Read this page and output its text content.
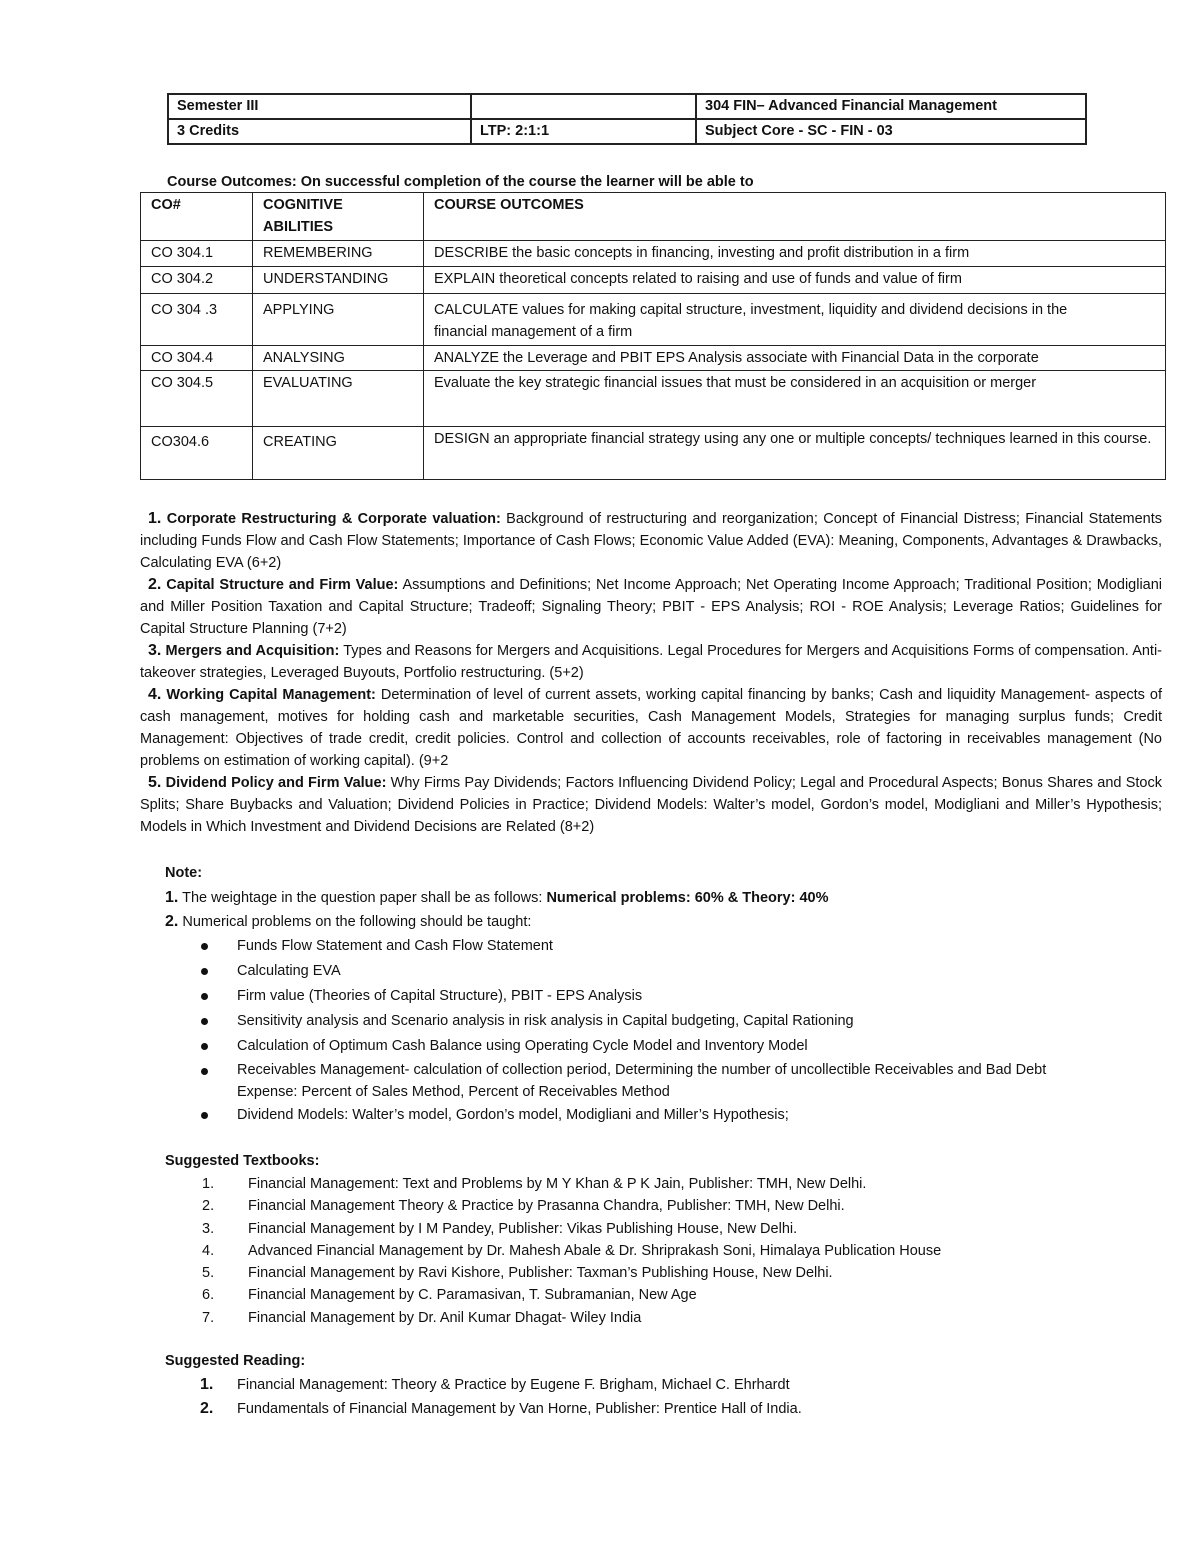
Semester III		304 FIN– Advanced Financial Management
3 Credits	LTP: 2:1:1	Subject Core - SC - FIN - 03
Course Outcomes: On successful completion of the course the learner will be able to
CO#	COGNITIVE ABILITIES	COURSE OUTCOMES
CO 304.1	REMEMBERING	DESCRIBE the basic concepts in financing, investing and profit distribution in a firm
CO 304.2	UNDERSTANDING	EXPLAIN theoretical concepts related to raising and use of funds and value of firm
CO 304 .3	APPLYING	CALCULATE values for making capital structure, investment, liquidity and dividend decisions in the financial management of a firm
CO 304.4	ANALYSING	ANALYZE the Leverage and PBIT EPS Analysis associate with Financial Data in the corporate
CO 304.5	EVALUATING	Evaluate the key strategic financial issues that must be considered in an acquisition or merger
CO304.6	CREATING	DESIGN an appropriate financial strategy using any one or multiple concepts/ techniques learned in this course.

1. Corporate Restructuring & Corporate valuation: Background of restructuring and reorganization; Concept of Financial Distress; Financial Statements including Funds Flow and Cash Flow Statements; Importance of Cash Flows; Economic Value Added (EVA): Meaning, Components, Advantages & Drawbacks, Calculating EVA (6+2)

2. Capital Structure and Firm Value: Assumptions and Definitions; Net Income Approach; Net Operating Income Approach; Traditional Position; Modigliani and Miller Position Taxation and Capital Structure; Tradeoff; Signaling Theory; PBIT - EPS Analysis; ROI - ROE Analysis; Leverage Ratios; Guidelines for Capital Structure Planning (7+2)

3. Mergers and Acquisition: Types and Reasons for Mergers and Acquisitions. Legal Procedures for Mergers and Acquisitions Forms of compensation. Anti-takeover strategies, Leveraged Buyouts, Portfolio restructuring. (5+2)

4. Working Capital Management: Determination of level of current assets, working capital financing by banks; Cash and liquidity Management- aspects of cash management, motives for holding cash and marketable securities, Cash Management Models, Strategies for managing surplus funds; Credit Management: Objectives of trade credit, credit policies. Control and collection of accounts receivables, role of factoring in receivables management (No problems on estimation of working capital). (9+2

5. Dividend Policy and Firm Value: Why Firms Pay Dividends; Factors Influencing Dividend Policy; Legal and Procedural Aspects; Bonus Shares and Stock Splits; Share Buybacks and Valuation; Dividend Policies in Practice; Dividend Models: Walter’s model, Gordon’s model, Modigliani and Miller’s Hypothesis; Models in Which Investment and Dividend Decisions are Related (8+2)

Note:
1. The weightage in the question paper shall be as follows: Numerical problems: 60% & Theory: 40%
2. Numerical problems on the following should be taught:
Funds Flow Statement and Cash Flow Statement
Calculating EVA
Firm value (Theories of Capital Structure), PBIT - EPS Analysis
Sensitivity analysis and Scenario analysis in risk analysis in Capital budgeting, Capital Rationing
Calculation of Optimum Cash Balance using Operating Cycle Model and Inventory Model
Receivables Management- calculation of collection period, Determining the number of uncollectible Receivables and Bad Debt Expense: Percent of Sales Method, Percent of Receivables Method
Dividend Models: Walter’s model, Gordon’s model, Modigliani and Miller’s Hypothesis;
Suggested Textbooks:
1. Financial Management: Text and Problems by M Y Khan & P K Jain, Publisher: TMH, New Delhi.
2. Financial Management Theory & Practice by Prasanna Chandra, Publisher: TMH, New Delhi.
3. Financial Management by I M Pandey, Publisher: Vikas Publishing House, New Delhi.
4. Advanced Financial Management by Dr. Mahesh Abale & Dr. Shriprakash Soni, Himalaya Publication House
5. Financial Management by Ravi Kishore, Publisher: Taxman’s Publishing House, New Delhi.
6. Financial Management by C. Paramasivan, T. Subramanian, New Age
7. Financial Management by Dr. Anil Kumar Dhagat- Wiley India
Suggested Reading:
1. Financial Management: Theory & Practice by Eugene F. Brigham, Michael C. Ehrhardt
2. Fundamentals of Financial Management by Van Horne, Publisher: Prentice Hall of India.
